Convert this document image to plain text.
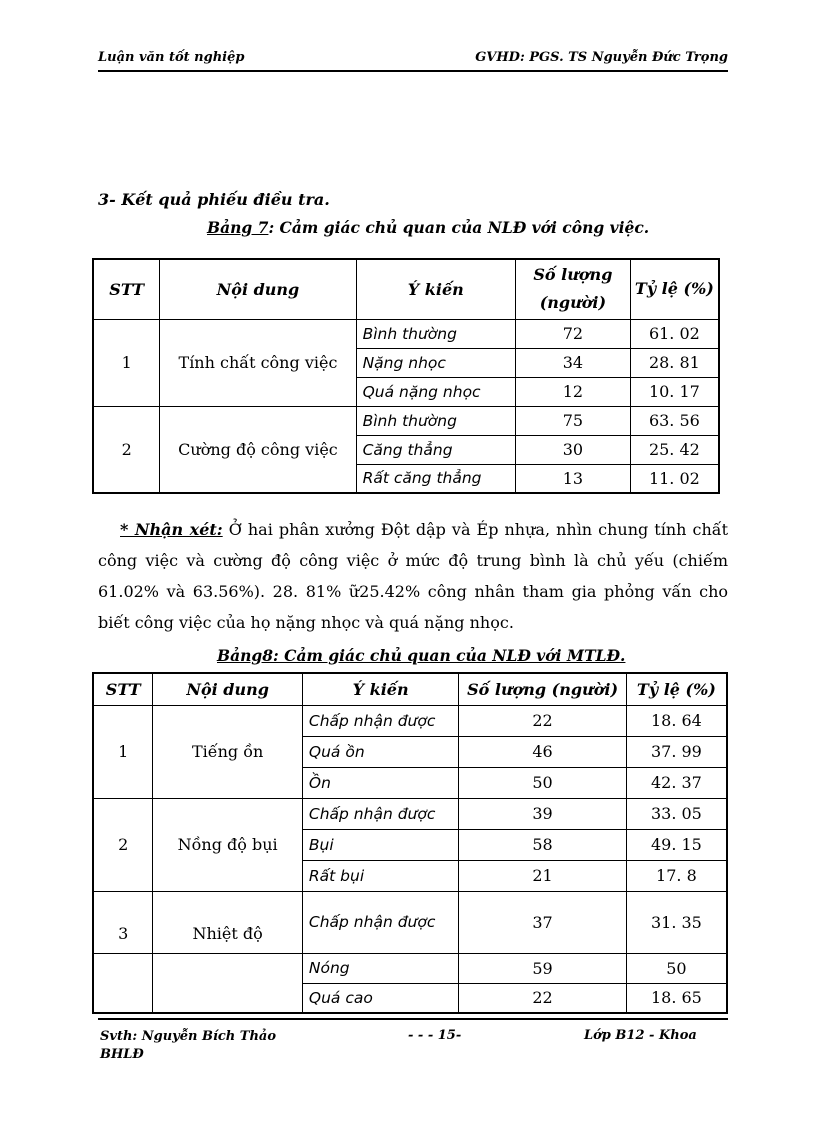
Luận văn tốt nghiệp	GVHD: PGS. TS Nguyễn Đức Trọng
3- Kết quả phiếu điều tra.
Bảng 7: Cảm giác chủ quan của NLĐ với công việc.
STT	Nội dung	Ý kiến	Số lượng (người)	Tỷ lệ (%)
1	Tính chất công việc	Bình thường	72	61. 02
		Nặng nhọc	34	28. 81
		Quá nặng nhọc	12	10. 17
2	Cường độ công việc	Bình thường	75	63. 56
		Căng thẳng	30	25. 42
		Rất căng thẳng	13	11. 02
* Nhận xét: Ở hai phân xưởng Đột dập và Ép nhựa, nhìn chung tính chất công việc và cường độ công việc ở mức độ trung bình là chủ yếu (chiếm 61.02% và 63.56%). 28. 81% ữ25.42% công nhân tham gia phỏng vấn cho biết công việc của họ nặng nhọc và quá nặng nhọc.
Bảng8: Cảm giác chủ quan của NLĐ với MTLĐ.
STT	Nội dung	Ý kiến	Số lượng (người)	Tỷ lệ (%)
1	Tiếng ồn	Chấp nhận được	22	18. 64
		Quá ồn	46	37. 99
		Ồn	50	42. 37
2	Nồng độ bụi	Chấp nhận được	39	33. 05
		Bụi	58	49. 15
		Rất bụi	21	17. 8
3	Nhiệt độ	Chấp nhận được	37	31. 35
		Nóng	59	50
		Quá cao	22	18. 65
Svth: Nguyễn Bích Thảo BHLĐ
- - - 15-	Lớp B12 - Khoa
